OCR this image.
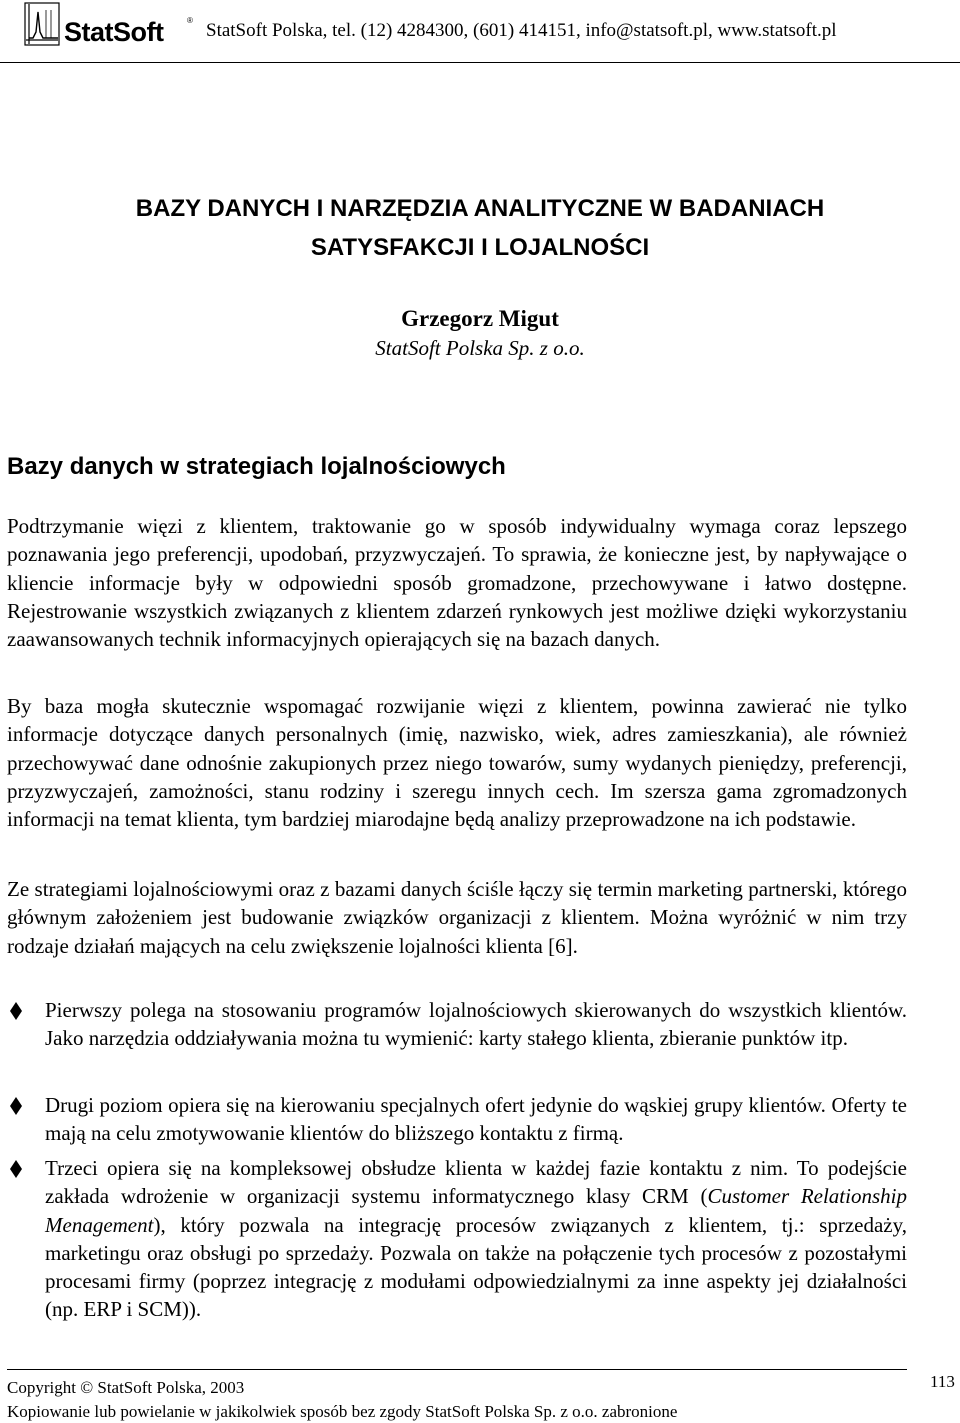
StatSoft	® StatSoft Polska, tel. (12) 4284300, (601) 414151, info@statsoft.pl, www.statsoft.pl
BAZY DANYCH I NARZĘDZIA ANALITYCZNE W BADANIACH
SATYSFAKCJI I LOJALNOŚCI
Grzegorz Migut
StatSoft Polska Sp. z o.o.
Bazy danych w strategiach lojalnościowych

Podtrzymanie więzi z klientem, traktowanie go w sposób indywidualny wymaga coraz lepszego poznawania jego preferencji, upodobań, przyzwyczajeń. To sprawia, że konieczne jest, by napływające o kliencie informacje były w odpowiedni sposób gromadzone, przechowywane i łatwo dostępne. Rejestrowanie wszystkich związanych z klientem zdarzeń rynkowych jest możliwe dzięki wykorzystaniu zaawansowanych technik informacyjnych opierających się na bazach danych.

By baza mogła skutecznie wspomagać rozwijanie więzi z klientem, powinna zawierać nie tylko informacje dotyczące danych personalnych (imię, nazwisko, wiek, adres zamieszkania), ale również przechowywać dane odnośnie zakupionych przez niego towarów, sumy wydanych pieniędzy, preferencji, przyzwyczajeń, zamożności, stanu rodziny i szeregu innych cech. Im szersza gama zgromadzonych informacji na temat klienta, tym bardziej miarodajne będą analizy przeprowadzone na ich podstawie.

Ze strategiami lojalnościowymi oraz z bazami danych ściśle łączy się termin marketing partnerski, którego głównym założeniem jest budowanie związków organizacji z klientem. Można wyróżnić w nim trzy rodzaje działań mających na celu zwiększenie lojalności klienta [6].

Pierwszy polega na stosowaniu programów lojalnościowych skierowanych do wszystkich klientów. Jako narzędzia oddziaływania można tu wymienić: karty stałego klienta, zbieranie punktów itp.

Drugi poziom opiera się na kierowaniu specjalnych ofert jedynie do wąskiej grupy klientów. Oferty te mają na celu zmotywowanie klientów do bliższego kontaktu z firmą.

Trzeci opiera się na kompleksowej obsłudze klienta w każdej fazie kontaktu z nim. To podejście zakłada wdrożenie w organizacji systemu informatycznego klasy CRM (Customer Relationship Menagement), który pozwala na integrację procesów związanych z klientem, tj.: sprzedaży, marketingu oraz obsługi po sprzedaży. Pozwala on także na połączenie tych procesów z pozostałymi procesami firmy (poprzez integrację z modułami odpowiedzialnymi za inne aspekty jej działalności (np. ERP i SCM)).

Copyright © StatSoft Polska, 2003
Kopiowanie lub powielanie w jakikolwiek sposób bez zgody StatSoft Polska Sp. z o.o. zabronione
113
